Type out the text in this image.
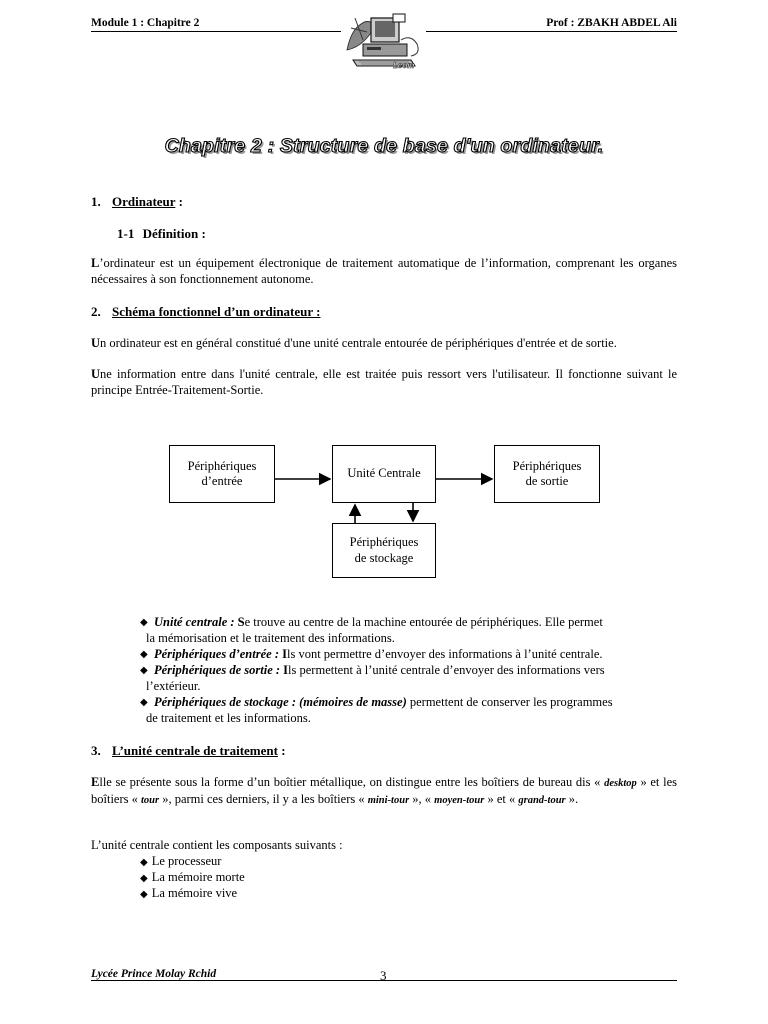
Module 1 : Chapitre 2	Prof : ZBAKH ABDEL Ali
Lcom
Chapitre 2 : Structure de base d'un ordinateur.
1. Ordinateur :
1-1 Définition :
L’ordinateur est un équipement électronique de traitement automatique de l’information, comprenant les organes nécessaires à son fonctionnement autonome.
2. Schéma fonctionnel d’un ordinateur :
Un ordinateur est en général constitué d'une unité centrale entourée de périphériques d'entrée et de sortie.
Une information entre dans l'unité centrale, elle est traitée puis ressort vers l'utilisateur. Il fonctionne suivant le principe Entrée-Traitement-Sortie.
Périphériques
d’entrée
Unité Centrale
Périphériques
de sortie
Périphériques
de stockage
◆ Unité centrale : Se trouve au centre de la machine entourée de périphériques. Elle permet
la mémorisation et le traitement des informations.
◆ Périphériques d’entrée : Ils vont permettre d’envoyer des informations à l’unité centrale.
◆ Périphériques de sortie : Ils permettent à l’unité centrale d’envoyer des informations vers
l’extérieur.
◆ Périphériques de stockage : (mémoires de masse) permettent de conserver les programmes
de traitement et les informations.
3. L’unité centrale de traitement :
Elle se présente sous la forme d’un boîtier métallique, on distingue entre les boîtiers de bureau dis « desktop » et les boîtiers « tour », parmi ces derniers, il y a les boîtiers « mini-tour », « moyen-tour » et « grand-tour ».
L’unité centrale contient les composants suivants :
◆ Le processeur
◆ La mémoire morte
◆ La mémoire vive
Lycée Prince Molay Rchid	3
